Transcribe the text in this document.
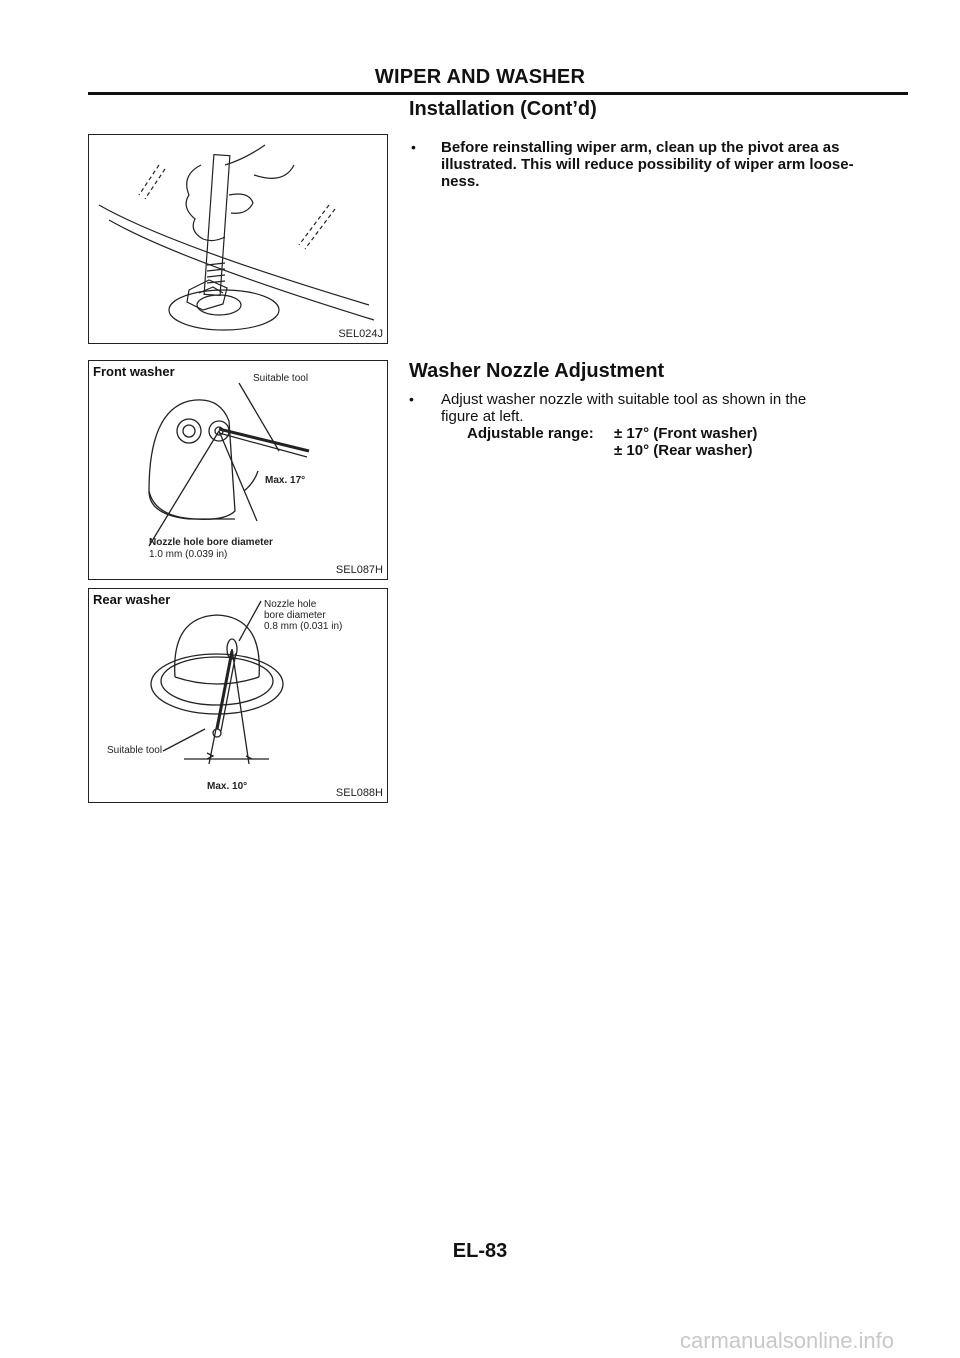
WIPER AND WASHER
Installation (Cont’d)
• Before reinstalling wiper arm, clean up the pivot area as
illustrated. This will reduce possibility of wiper arm loose-
ness.
Washer Nozzle Adjustment
• Adjust washer nozzle with suitable tool as shown in the
figure at left.
Adjustable range: ± 17° (Front washer)
± 10° (Rear washer)
SEL024J
Front washer	Suitable tool
Max. 17°
Nozzle hole bore diameter
1.0 mm (0.039 in)
SEL087H
Rear washer	Nozzle hole
bore diameter
0.8 mm (0.031 in)
Suitable tool
Max. 10°
SEL088H
EL-83
carmanualsonline.info
